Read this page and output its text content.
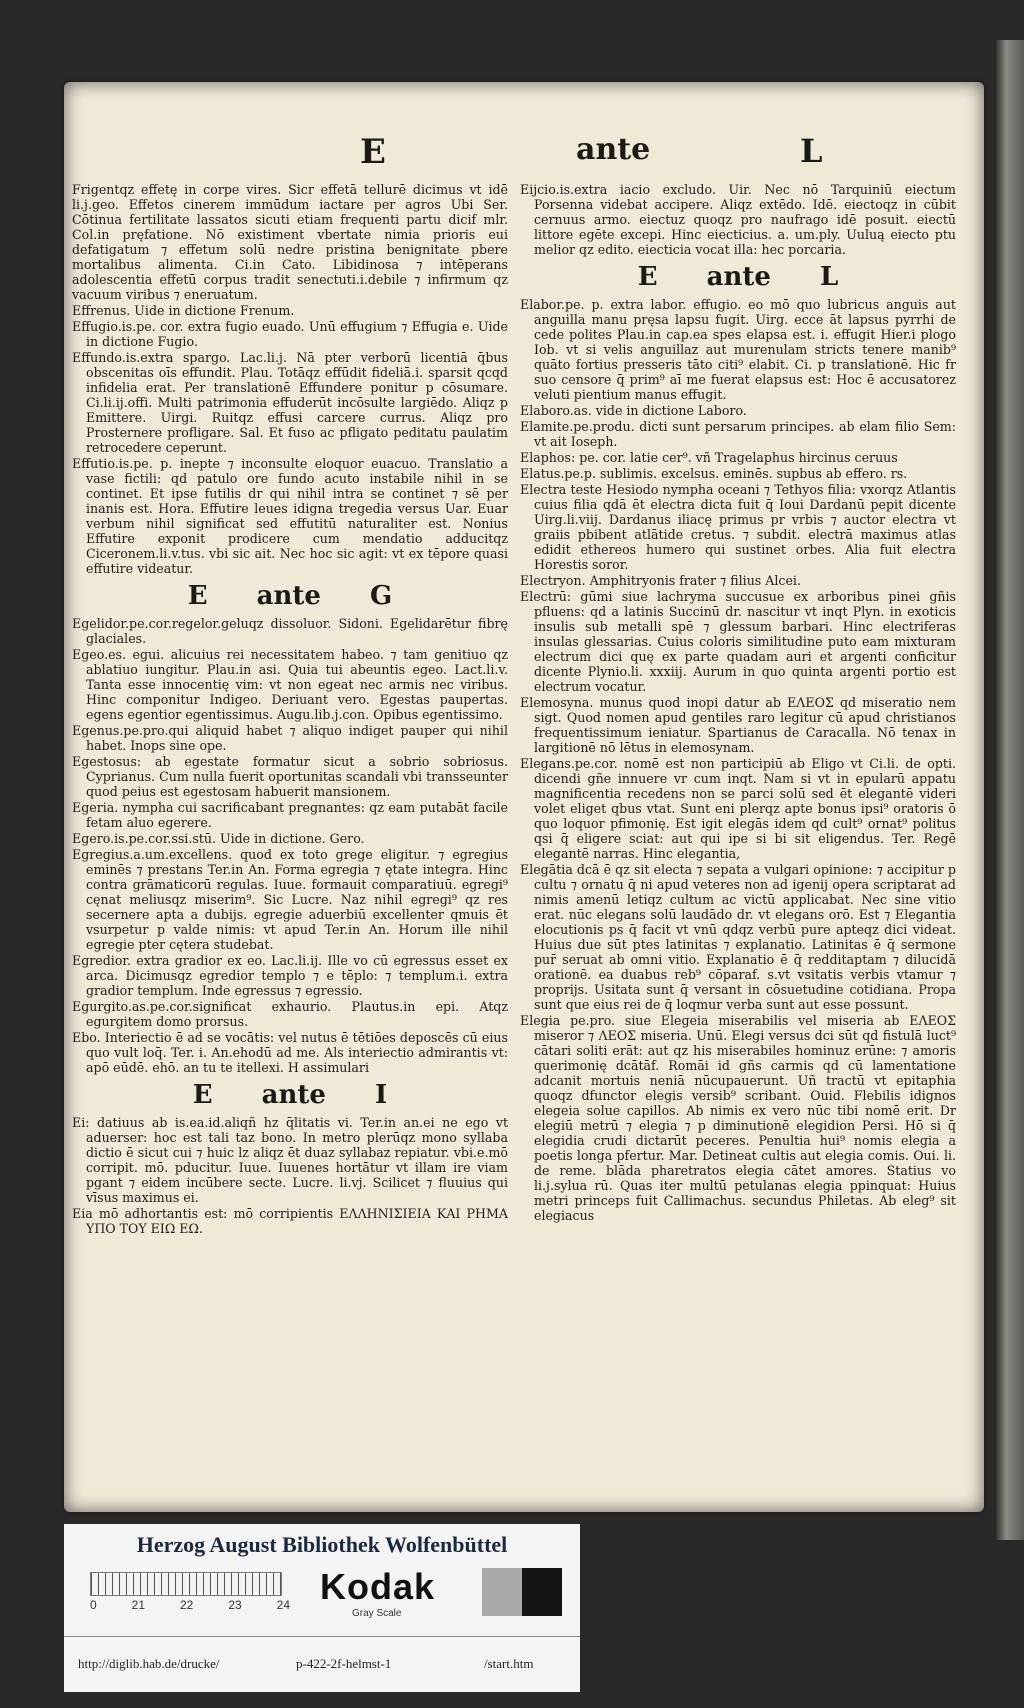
E	ante	L
Frigentqz effetę in corpe vires. Sicr effetā tellurē dicimus vt idē li.j.geo. Effetos cinerem immūdum iactare per agros Ubi Ser. Cōtinua fertilitate lassatos sicuti etiam frequenti partu dicif mlr. Col.in pręfatione. Nō existiment vbertate nimia prioris eui defatigatum ⁊ effetum solū nedre pristina benignitate pbere mortalibus alimenta. Ci.in Cato. Libidinosa ⁊ intēperans adolescentia effetū corpus tradit senectuti.i.debile ⁊ infirmum qz vacuum viribus ⁊ eneruatum.
Effrenus. Uide in dictione Frenum.
Effugio.is.pe. cor. extra fugio euado. Unū effugium ⁊ Effugia e. Uide in dictione Fugio.
Effundo.is.extra spargo. Lac.li.j. Nā pter verborū licentiā q̄bus obscenitas oīs effundit. Plau. Totāqz effūdit fideliā.i. sparsit qcqd infidelia erat. Per translationē Effundere ponitur p cōsumare. Ci.li.ij.offi. Multi patrimonia effuderūt incōsulte largiēdo. Aliqz p Emittere. Uirgi. Ruitqz effusi carcere currus. Aliqz pro Prosternere profligare. Sal. Et fuso ac pfligato peditatu paulatim retrocedere ceperunt.
Effutio.is.pe. p. inepte ⁊ inconsulte eloquor euacuo. Translatio a vase fictili: qd patulo ore fundo acuto instabile nihil in se continet. Et ipse futilis dr qui nihil intra se continet ⁊ sē per inanis est. Hora. Effutire leues idigna tregedia versus Uar. Euar verbum nihil significat sed effutitū naturaliter est. Nonius Effutire exponit prodicere cum mendatio adducitqz Ciceronem.li.v.tus. vbi sic ait. Nec hoc sic agit: vt ex tēpore quasi effutire videatur.
E ante G
Egelidor.pe.cor.regelor.geluqz dissoluor. Sidoni. Egelidarētur fibrę glaciales.
Egeo.es. egui. alicuius rei necessitatem habeo. ⁊ tam genitiuo qz ablatiuo iungitur. Plau.in asi. Quia tui abeuntis egeo. Lact.li.v. Tanta esse innocentię vim: vt non egeat nec armis nec viribus. Hinc componitur Indigeo. Deriuant vero. Egestas paupertas. egens egentior egentissimus. Augu.lib.j.con. Opibus egentissimo.
Egenus.pe.pro.qui aliquid habet ⁊ aliquo indiget pauper qui nihil habet. Inops sine ope.
Egestosus: ab egestate formatur sicut a sobrio sobriosus. Cyprianus. Cum nulla fuerit oportunitas scandali vbi transseunter quod peius est egestosam habuerit mansionem.
Egeria. nympha cui sacrificabant pregnantes: qz eam putabāt facile fetam aluo egerere.
Egero.is.pe.cor.ssi.stū. Uide in dictione. Gero.
Egregius.a.um.excellens. quod ex toto grege eligitur. ⁊ egregius eminēs ⁊ prestans Ter.in An. Forma egregia ⁊ ętate integra. Hinc contra grāmaticorū regulas. Iuue. formauit comparatiuū. egregi⁹ cęnat meliusqz miserim⁹. Sic Lucre. Naz nihil egregi⁹ qz res secernere apta a dubijs. egregie aduerbiū excellenter qmuis ēt vsurpetur p valde nimis: vt apud Ter.in An. Horum ille nihil egregie pter cętera studebat.
Egredior. extra gradior ex eo. Lac.li.ij. Ille vo cū egressus esset ex arca. Dicimusqz egredior templo ⁊ e tēplo: ⁊ templum.i. extra gradior templum. Inde egressus ⁊ egressio.
Egurgito.as.pe.cor.significat exhaurio. Plautus.in epi. Atqz egurgitem domo prorsus.
Ebo. Interiectio ē ad se vocātis: vel nutus ē tētiōes deposcēs cū eius quo vult loq̄. Ter. i. An.ehodū ad me. Als interiectio admirantis vt: apō eūdē. ehō. an tu te itellexi. H assimulari
E ante I
Ei: datiuus ab is.ea.id.aliqñ hz q̄litatis vi. Ter.in an.ei ne ego vt aduerser: hoc est tali taz bono. In metro plerūqz mono syllaba dictio ē sicut cui ⁊ huic lz aliqz ēt duaz syllabaz repiatur. vbi.e.mō corripit. mō. pducitur. Iuue. Iuuenes hortātur vt illam ire viam pgant ⁊ eidem incūbere secte. Lucre. li.vj. Scilicet ⁊ fluuius qui vīsus maximus ei.
Eia mō adhortantis est: mō corripientis ΕΛΛΗΝΙΣΙΕΙΑ ΚΑΙ ΡΗΜΑ ΥΠΟ ΤΟΥ ΕΙΩ ΕΩ.
Eijcio.is.extra iacio excludo. Uir. Nec nō Tarquiniū eiectum Porsenna videbat accipere. Aliqz extēdo. Idē. eiectoqz in cūbit cernuus armo. eiectuz quoqz pro naufrago idē posuit. eiectū littore egēte excepi. Hinc eiecticius. a. um.ply. Uuluą eiecto ptu melior qz edito. eiecticia vocat illa: hec porcaria.
E ante L
Elabor.pe. p. extra labor. effugio. eo mō quo lubricus anguis aut anguilla manu pręsa lapsu fugit. Uirg. ecce āt lapsus pyrrhi de cede polites Plau.in cap.ea spes elapsa est. i. effugit Hier.i plogo Iob. vt si velis anguillaz aut murenulam stricts tenere manib⁹ quāto fortius presseris tāto citi⁹ elabit. Ci. p translationē. Hic fr suo censore q̄ prim⁹ aī me fuerat elapsus est: Hoc ē accusatorez veluti pientium manus effugit.
Elaboro.as. vide in dictione Laboro.
Elamite.pe.produ. dicti sunt persarum principes. ab elam filio Sem: vt ait Ioseph.
Elaphos: pe. cor. latie cer⁹. vñ Tragelaphus hircinus ceruus
Elatus.pe.p. sublimis. excelsus. eminēs. supbus ab effero. rs.
Electra teste Hesiodo nympha oceani ⁊ Tethyos filia: vxorqz Atlantis cuius filia qdā ēt electra dicta fuit q̄ Ioui Dardanū pepit dicente Uirg.li.viij. Dardanus iliacę primus pr vrbis ⁊ auctor electra vt graiis pbibent atlātide cretus. ⁊ subdit. electrā maximus atlas edidit ethereos humero qui sustinet orbes. Alia fuit electra Horestis soror.
Electryon. Amphitryonis frater ⁊ filius Alcei.
Electrū: gūmi siue lachryma succusue ex arboribus pinei gñis pfluens: qd a latinis Succinū dr. nascitur vt inqt Plyn. in exoticis insulis sub metalli spē ⁊ glessum barbari. Hinc electriferas insulas glessarias. Cuius coloris similitudine puto eam mixturam electrum dici quę ex parte quadam auri et argenti conficitur dicente Plynio.li. xxxiij. Aurum in quo quinta argenti portio est electrum vocatur.
Elemosyna. munus quod inopi datur ab ΕΛΕΟΣ qd miseratio nem sigt. Quod nomen apud gentiles raro legitur cū apud christianos frequentissimum ieniatur. Spartianus de Caracalla. Nō tenax in largitionē nō lētus in elemosynam.
Elegans.pe.cor. nomē est non participiū ab Eligo vt Ci.li. de opti. dicendi gñe innuere vr cum inqt. Nam si vt in epularū appatu magnificentia recedens non se parci solū sed ēt elegantē videri volet eliget qbus vtat. Sunt eni plerqz apte bonus ipsi⁹ oratoris ō quo loquor pfimonię. Est igit elegās idem qd cult⁹ ornat⁹ politus qsi q̄ eligere sciat: aut qui ipe si bi sit eligendus. Ter. Regē elegantē narras. Hinc elegantia,
Elegātia dcā ē qz sit electa ⁊ sepata a vulgari opinione: ⁊ accipitur p cultu ⁊ ornatu q̄ ni apud veteres non ad igenij opera scriptarat ad nimis amenū letiqz cultum ac victū applicabat. Nec sine vitio erat. nūc elegans solū laudādo dr. vt elegans orō. Est ⁊ Elegantia elocutionis ps q̄ facit vt vnū qdqz verbū pure apteqz dici videat. Huius due sūt ptes latinitas ⁊ explanatio. Latinitas ē q̄ sermone pur̄ seruat ab omni vitio. Explanatio ē q̄ redditaptam ⁊ dilucidā orationē. ea duabus reb⁹ cōparaf. s.vt vsitatis verbis vtamur ⁊ proprijs. Usitata sunt q̄ versant in cōsuetudine cotidiana. Propa sunt que eius rei de q̄ loqmur verba sunt aut esse possunt.
Elegia pe.pro. siue Elegeia miserabilis vel miseria ab ΕΛΕΟΣ miseror ⁊ ΛΕΟΣ miseria. Unū. Elegi versus dci sūt qd fistulā luct⁹ cātari soliti erāt: aut qz his miserabiles hominuz erūne: ⁊ amoris querimonię dcātāf. Romāi id gñs carmis qd cū lamentatione adcanit mortuis neniā nūcupauerunt. Uñ tractū vt epitaphia quoqz dfunctor elegis versib⁹ scribant. Ouid. Flebilis idignos elegeia solue capillos. Ab nimis ex vero nūc tibi nomē erit. Dr elegiū metrū ⁊ elegia ⁊ p diminutionē elegidion Persi. Hō si q̄ elegidia crudi dictarūt peceres. Penultia hui⁹ nomis elegia a poetis longa pfertur. Mar. Detineat cultis aut elegia comis. Oui. li. de reme. blāda pharetratos elegia cātet amores. Statius vo li.j.sylua rū. Quas iter multū petulanas elegia ppinquat: Huius metri princeps fuit Callimachus. secundus Philetas. Ab eleg⁹ sit elegiacus
Herzog August Bibliothek Wolfenbüttel
0	21	22	23	24 Kodak
Gray Scale
http://diglib.hab.de/drucke/	p-422-2f-helmst-1	/start.htm
